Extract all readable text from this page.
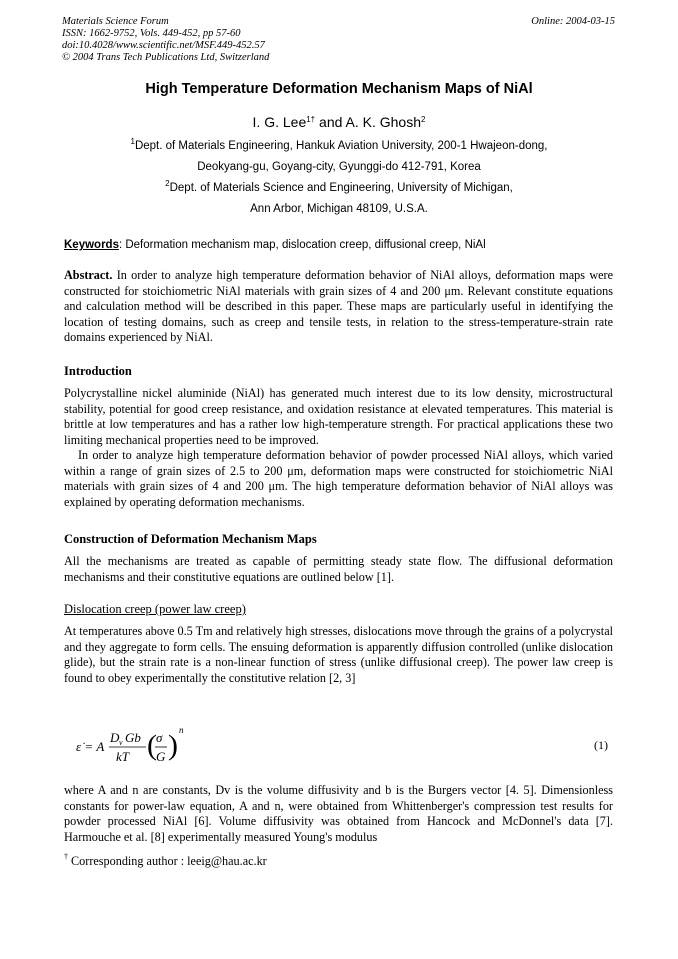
Materials Science Forum
ISSN: 1662-9752, Vols. 449-452, pp 57-60
doi:10.4028/www.scientific.net/MSF.449-452.57
© 2004 Trans Tech Publications Ltd, Switzerland
Online: 2004-03-15
High Temperature Deformation Mechanism Maps of NiAl
I. G. Lee$^{1\dagger}$ and A. K. Ghosh$^2$
$^1$Dept. of Materials Engineering, Hankuk Aviation University, 200-1 Hwajeon-dong,
Deokyang-gu, Goyang-city, Gyunggi-do 412-791, Korea
$^2$Dept. of Materials Science and Engineering, University of Michigan,
Ann Arbor, Michigan 48109, U.S.A.
Keywords: Deformation mechanism map, dislocation creep, diffusional creep, NiAl

Abstract. In order to analyze high temperature deformation behavior of NiAl alloys, deformation maps were constructed for stoichiometric NiAl materials with grain sizes of 4 and 200 μm. Relevant constitute equations and calculation method will be described in this paper. These maps are particularly useful in identifying the location of testing domains, such as creep and tensile tests, in relation to the stress-temperature-strain rate domains experienced by NiAl.

Introduction

Polycrystalline nickel aluminide (NiAl) has generated much interest due to its low density, microstructural stability, potential for good creep resistance, and oxidation resistance at elevated temperatures. This material is brittle at low temperatures and has a rather low high-temperature strength. For practical applications these two limiting mechanical properties need to be improved.

In order to analyze high temperature deformation behavior of powder processed NiAl alloys, which varied within a range of grain sizes of 2.5 to 200 μm, deformation maps were constructed for stoichiometric NiAl materials with grain sizes of 4 and 200 μm. The high temperature deformation behavior of NiAl alloys was explained by operating deformation mechanisms.

Construction of Deformation Mechanism Maps
All the mechanisms are treated as capable of permitting steady state flow. The diffusional deformation mechanisms and their constitutive equations are outlined below [1].
Dislocation creep (power law creep)
At temperatures above 0.5 Tm and relatively high stresses, dislocations move through the grains of a polycrystal and they aggregate to form cells. The ensuing deformation is apparently diffusion controlled (unlike dislocation glide), but the strain rate is a non-linear function of stress (unlike diffusional creep). The power law creep is found to obey experimentally the constitutive relation [2, 3]
ε̇ = A
D v Gb
kT ( σ
G )
n
(1)
where A and n are constants, Dv is the volume diffusivity and b is the Burgers vector [4. 5]. Dimensionless constants for power-law equation, A and n, were obtained from Whittenberger's compression test results for powder processed NiAl [6]. Volume diffusivity was obtained from Hancock and McDonnel's data [7]. Harmouche et al. [8] experimentally measured Young's modulus
† Corresponding author : leeig@hau.ac.kr
